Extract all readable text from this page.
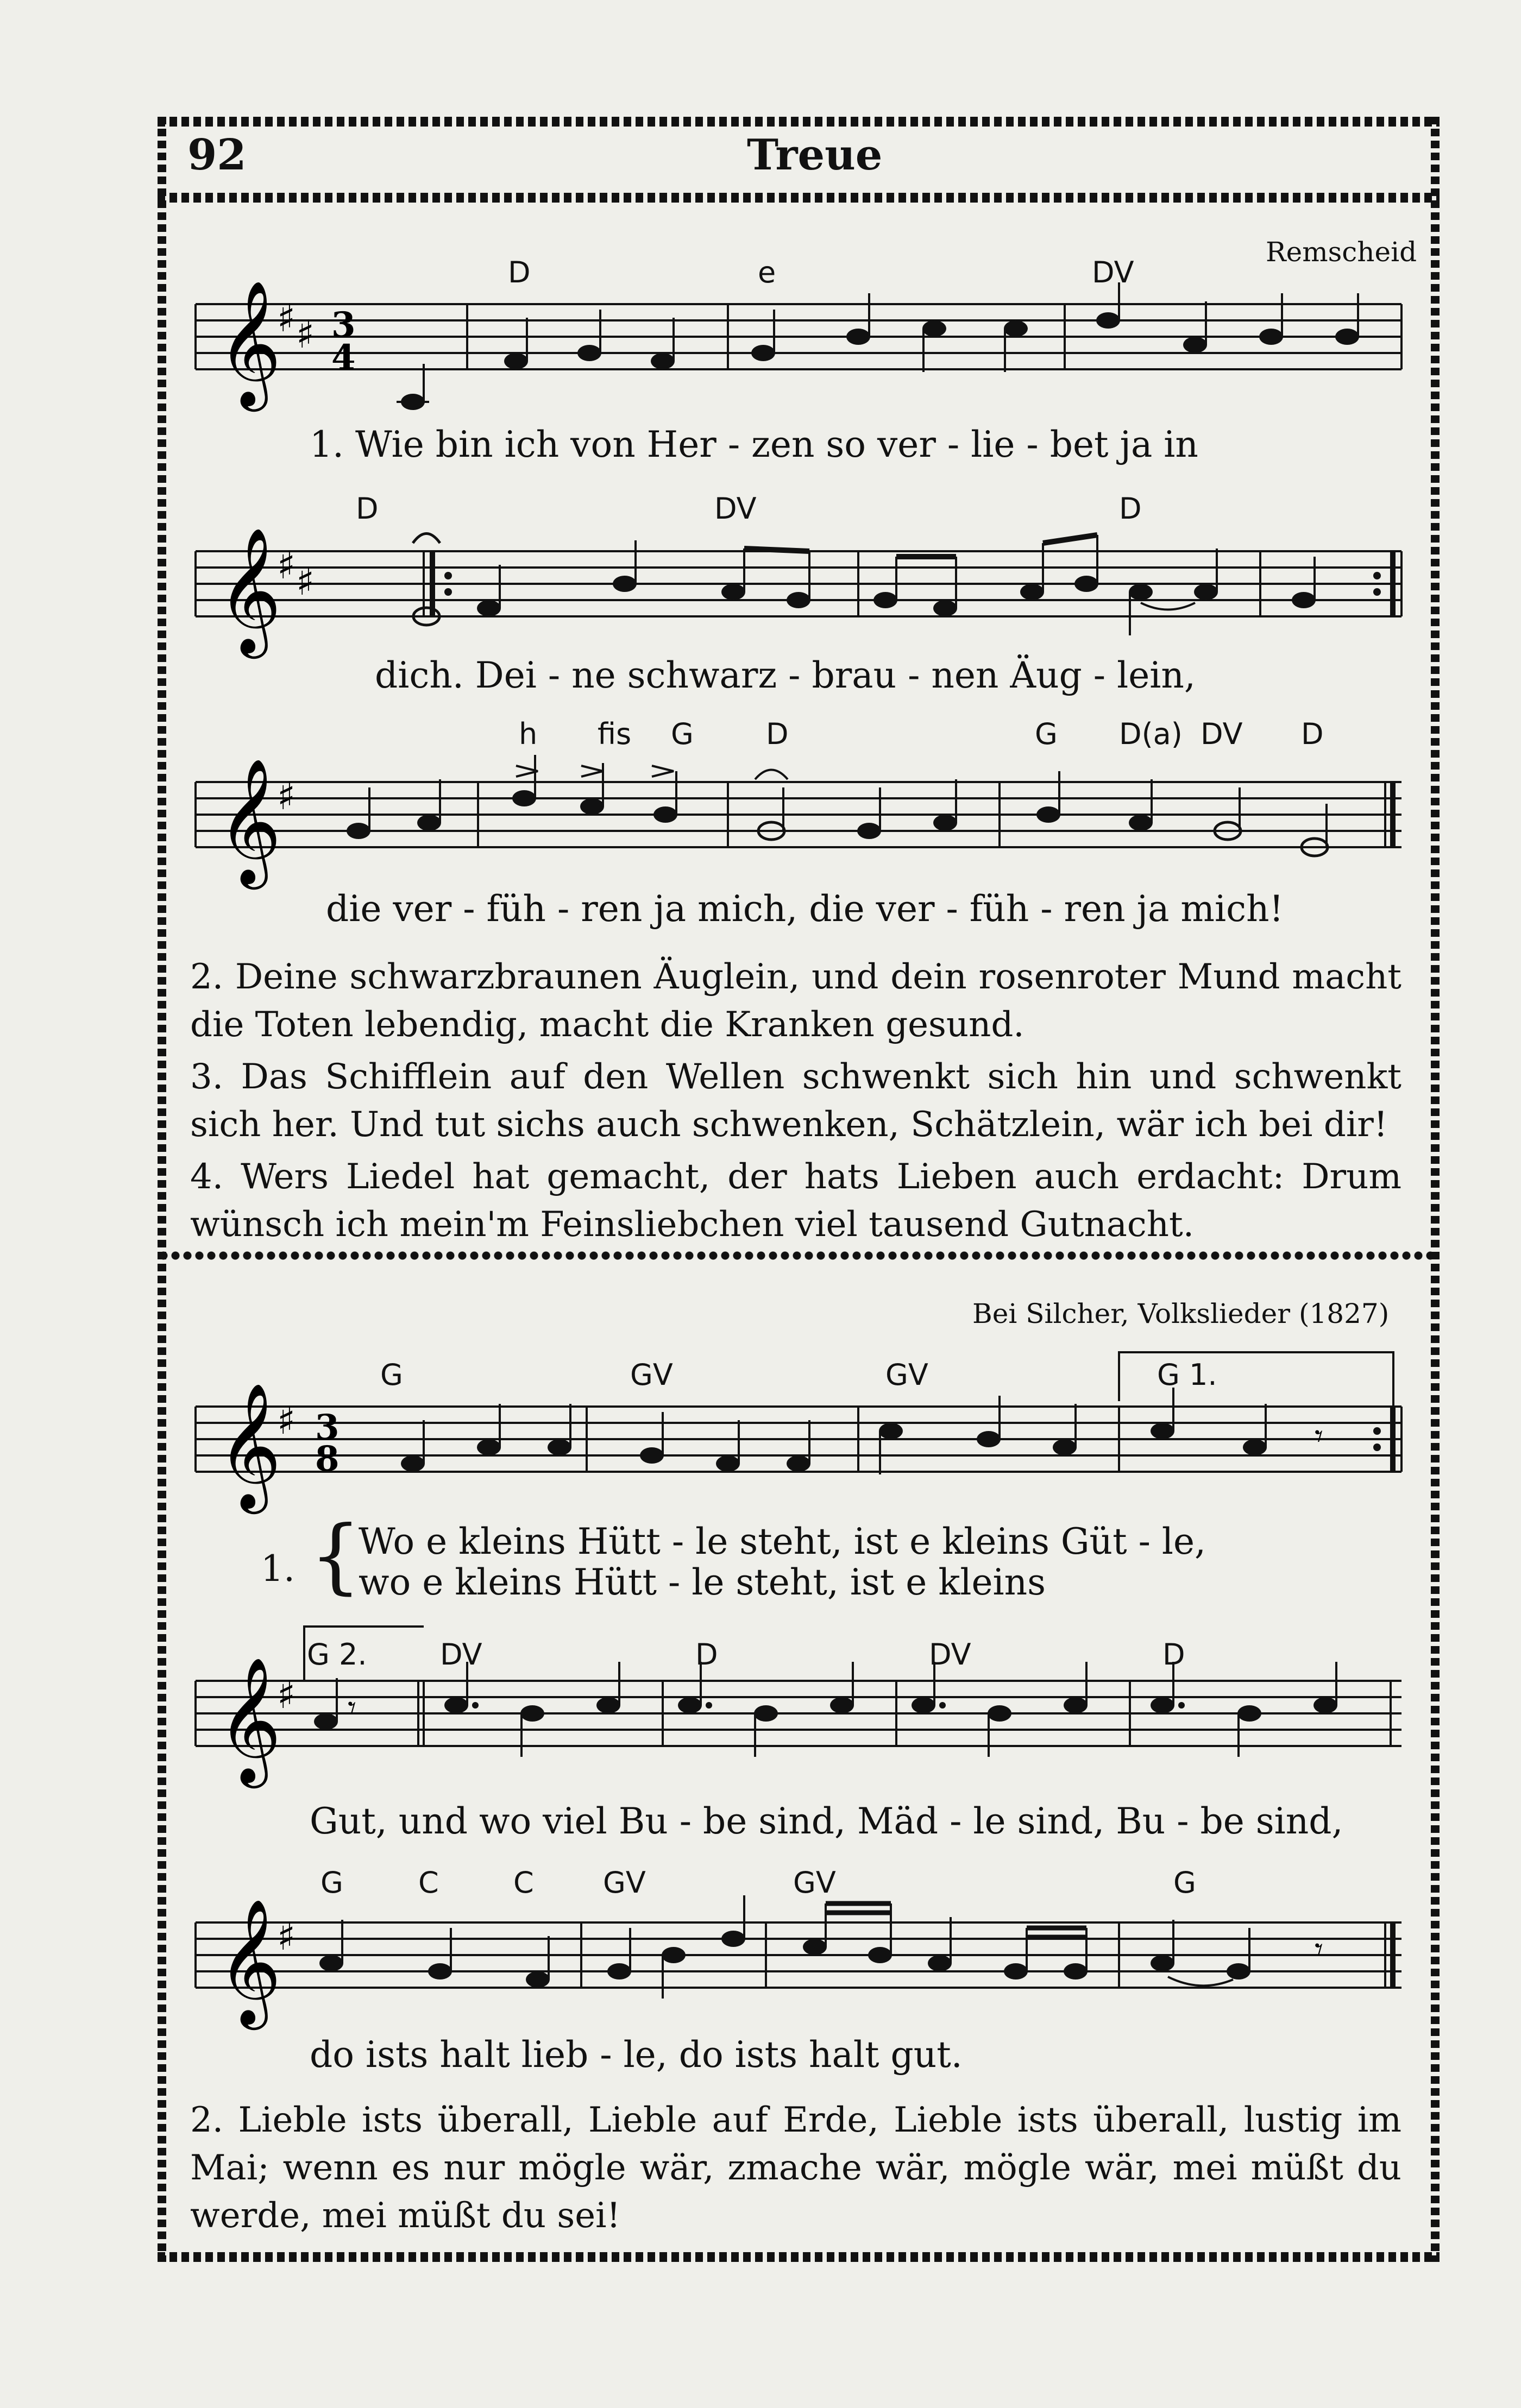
92	Treue
Remscheid
D	e	DV
𝄞
♯ ♯ 3
4
1. Wie bin ich von Her - zen so ver - lie - bet ja in
D	DV	D
𝄞
♯ ♯
dich. Dei - ne schwarz - brau - nen Äug - lein,
h fis G D	G D(a) DV D
𝄞
♯
die ver - füh - ren ja mich, die ver - füh - ren ja mich!

2. Deine schwarzbraunen Äuglein, und dein rosenroter Mund macht die Toten lebendig, macht die Kranken gesund.

3. Das Schifflein auf den Wellen schwenkt sich hin und schwenkt sich her. Und tut sichs auch schwenken, Schätzlein, wär ich bei dir!

4. Wers Liedel hat gemacht, der hats Lieben auch erdacht: Drum wünsch ich mein'm Feinsliebchen viel tausend Gutnacht.

Bei Silcher, Volkslieder (1827)
G	GV	GV	G 1.
𝄞
♯ 3
8
𝄾
1. {
Wo e kleins Hütt - le steht, ist e kleins Güt - le,
wo e kleins Hütt - le steht, ist e kleins
G 2. DV	D	DV	D
𝄞
♯ 𝄾
Gut, und wo viel Bu - be sind, Mäd - le sind, Bu - be sind,
G	C	C GV	GV	G
𝄞
♯	𝄾
do ists halt lieb - le, do ists halt gut.

2. Lieble ists überall, Lieble auf Erde, Lieble ists überall, lustig im Mai; wenn es nur mögle wär, zmache wär, mögle wär, mei müßt du werde, mei müßt du sei!
